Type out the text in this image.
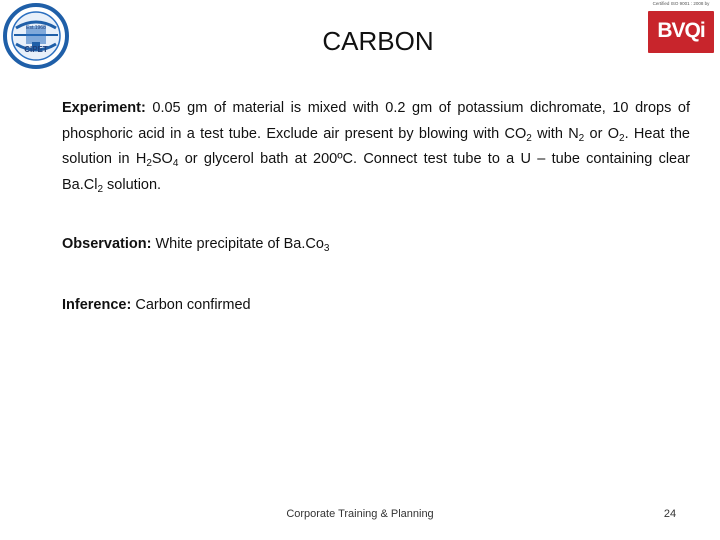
Est.1968
CIPET	CARBON
Certified ISO 9001 : 2008 by
BVQi
Experiment: 0.05 gm of material is mixed with 0.2 gm of potassium dichromate, 10 drops of phosphoric acid in a test tube. Exclude air present by blowing with $CO_2$ with $N_2$ or $O_2$. Heat the solution in $H_2SO_4$ or glycerol bath at 200ºC. Connect test tube to a U – tube containing clear $Ba.Cl_2$ solution.
Observation: White precipitate of $Ba.Co_3$
Inference: Carbon confirmed
Corporate Training & Planning	24
